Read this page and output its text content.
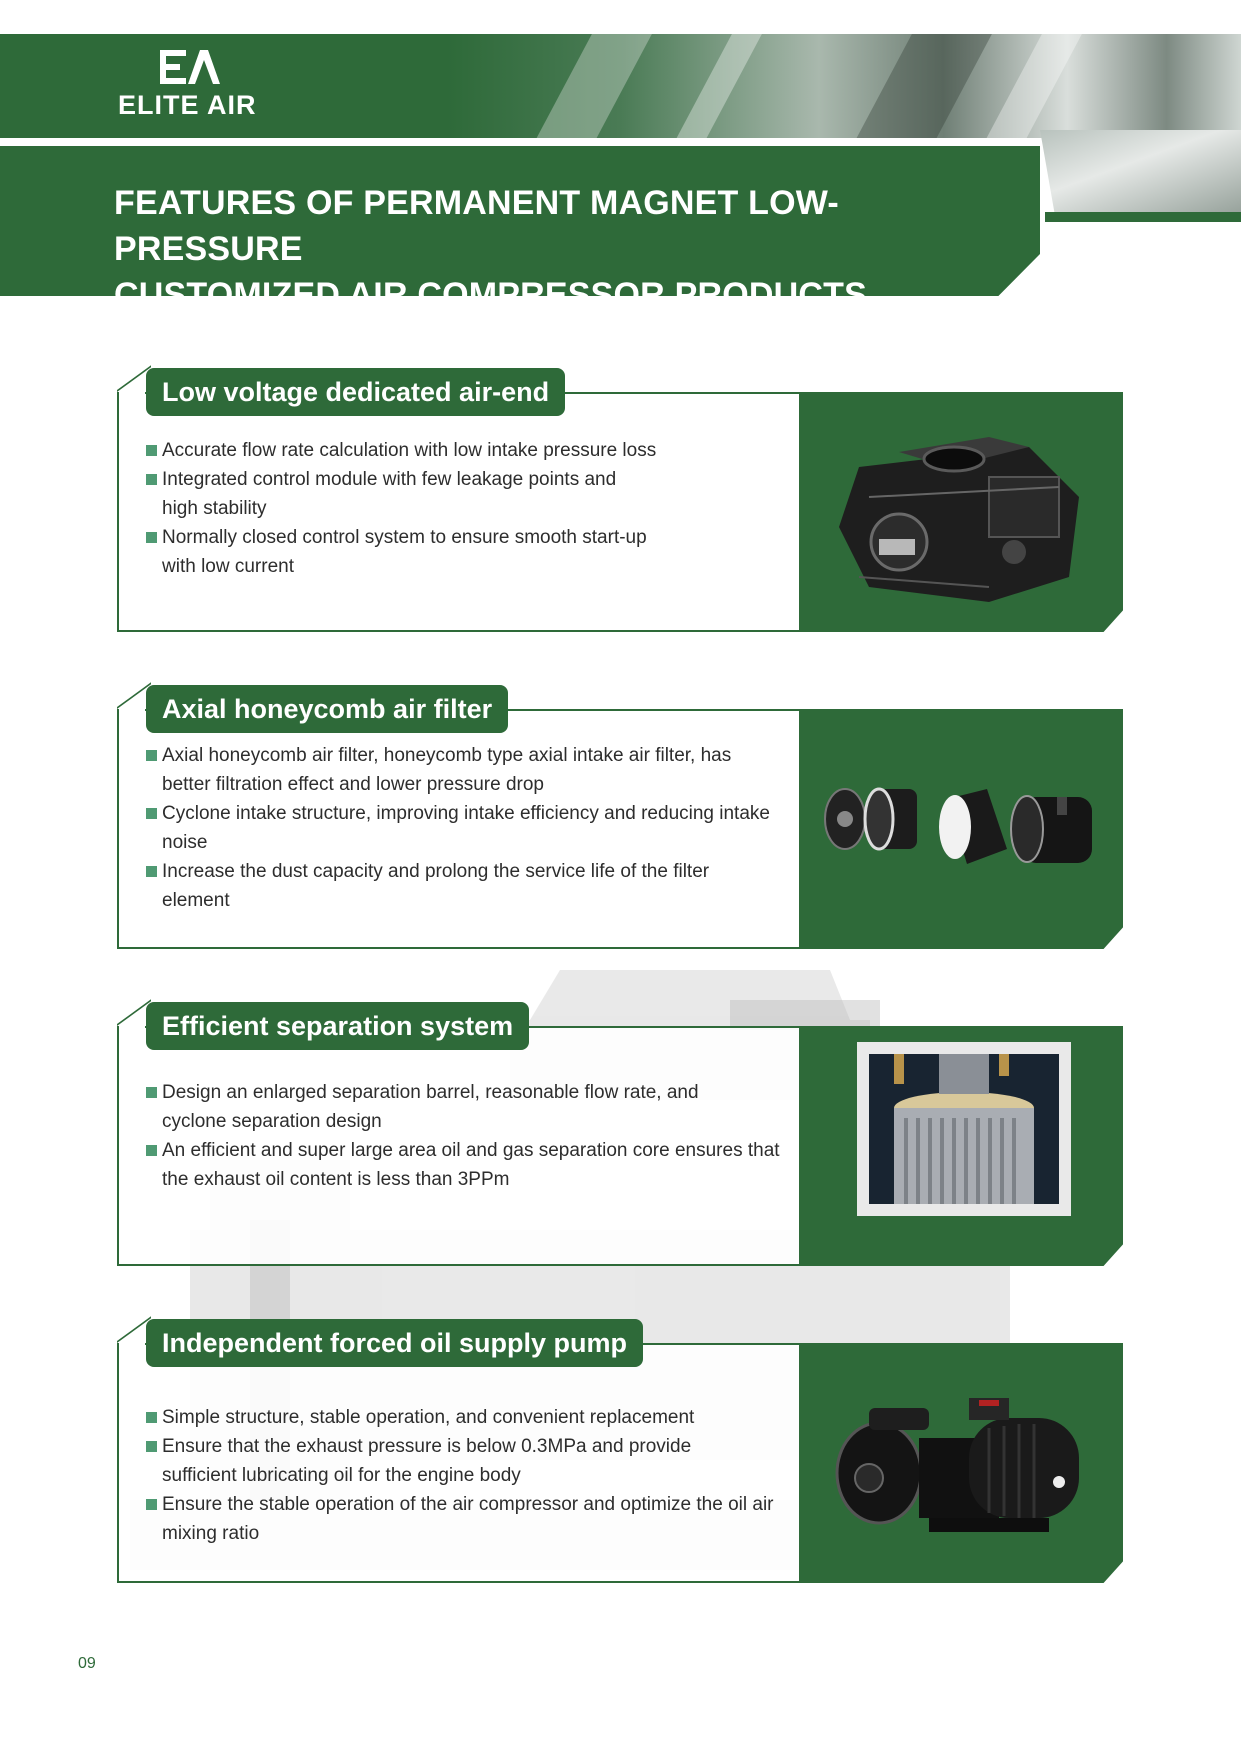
ELITE AIR
FEATURES OF PERMANENT MAGNET LOW-PRESSURE
CUSTOMIZED AIR COMPRESSOR PRODUCTS
Low voltage dedicated air-end
Accurate flow rate calculation with low intake pressure loss
Integrated control module with few leakage points and high stability
Normally closed control system to ensure smooth start-up with low current
Axial honeycomb air filter
Axial honeycomb air filter, honeycomb type axial intake air filter, has better filtration effect and lower pressure drop
Cyclone intake structure, improving intake efficiency and reducing intake noise
Increase the dust capacity and prolong the service life of the filter element
Efficient separation system
Design an enlarged separation barrel, reasonable flow rate, and cyclone separation design
An efficient and super large area oil and gas separation core ensures that the exhaust oil content is less than 3PPm
Independent forced oil supply pump
Simple structure, stable operation, and convenient replacement
Ensure that the exhaust pressure is below 0.3MPa and provide sufficient lubricating oil for the engine body
Ensure the stable operation of the air compressor and optimize the oil air mixing ratio
09
